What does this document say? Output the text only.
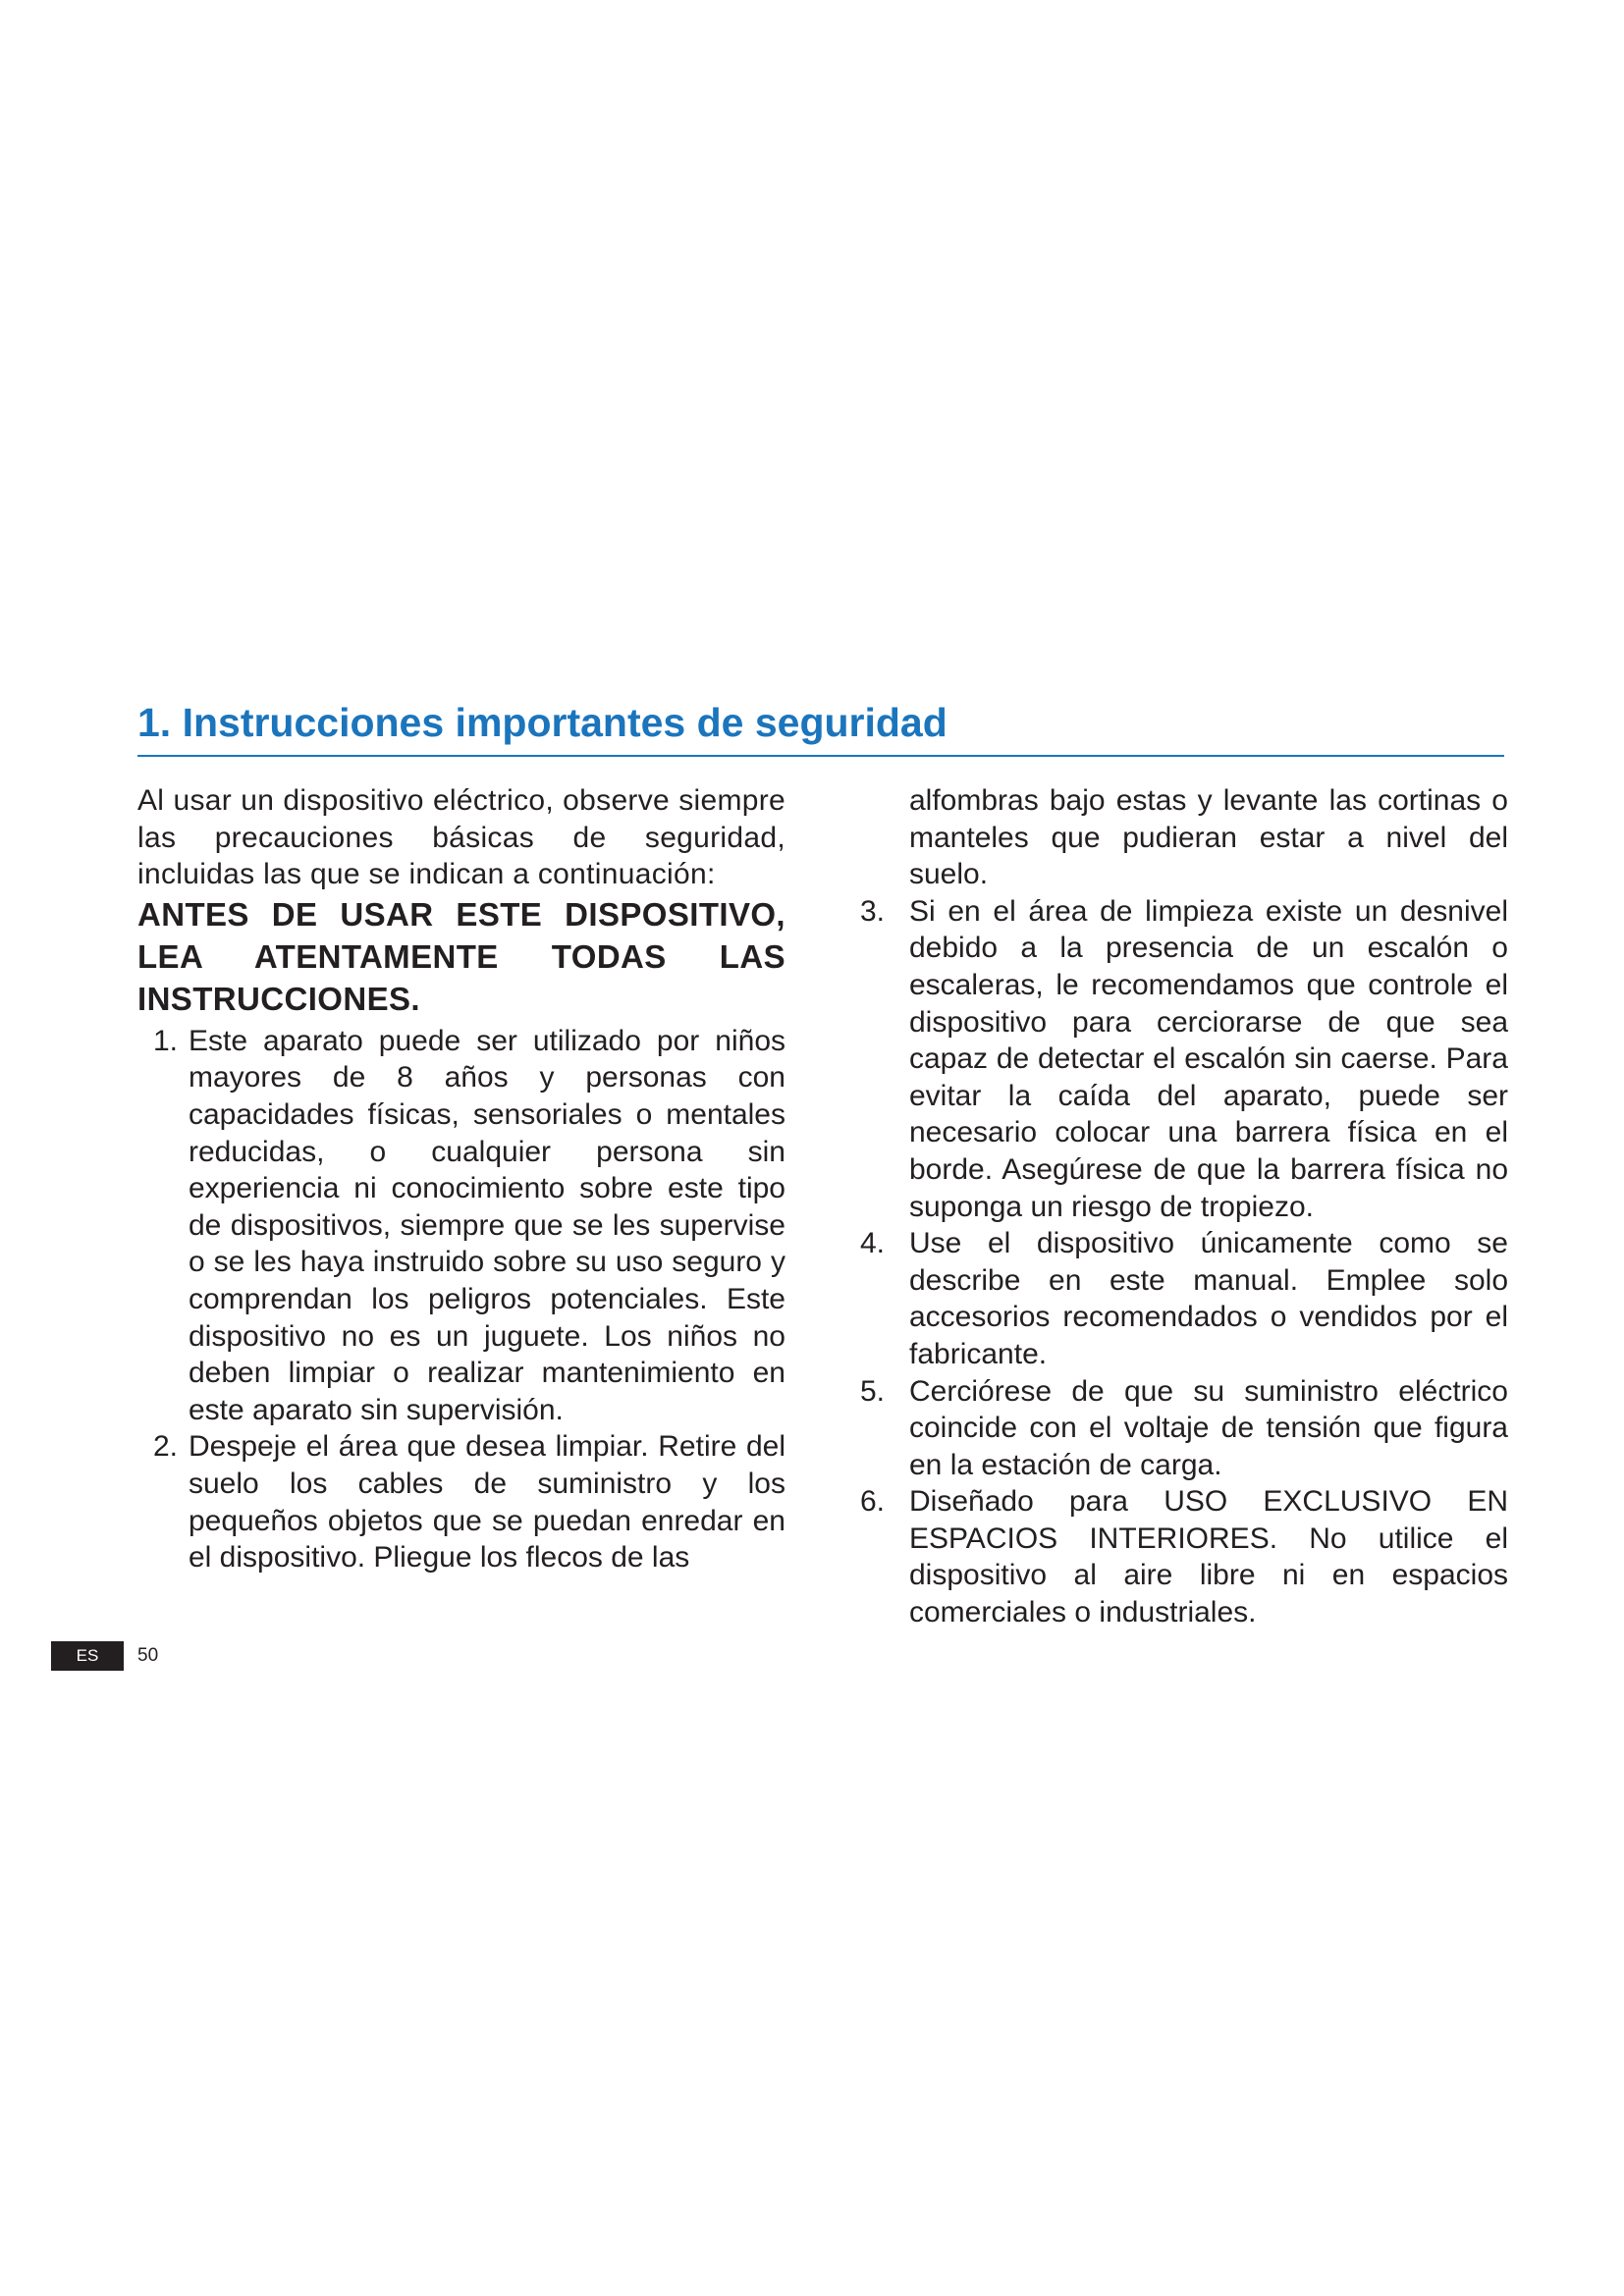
1. Instrucciones importantes de seguridad

Al usar un dispositivo eléctrico, observe siempre las precauciones básicas de seguridad, incluidas las que se indican a continuación:

ANTES DE USAR ESTE DISPOSITIVO, LEA ATENTAMENTE TODAS LAS INSTRUCCIONES.

1. Este aparato puede ser utilizado por niños mayores de 8 años y personas con capacidades físicas, sensoriales o mentales reducidas, o cualquier persona sin experiencia ni conocimiento sobre este tipo de dispositivos, siempre que se les supervise o se les haya instruido sobre su uso seguro y comprendan los peligros potenciales. Este dispositivo no es un juguete. Los niños no deben limpiar o realizar mantenimiento en este aparato sin supervisión.
2. Despeje el área que desea limpiar. Retire del suelo los cables de suministro y los pequeños objetos que se puedan enredar en el dispositivo. Pliegue los flecos de las

alfombras bajo estas y levante las cortinas o manteles que pudieran estar a nivel del suelo.

3. Si en el área de limpieza existe un desnivel debido a la presencia de un escalón o escaleras, le recomendamos que controle el dispositivo para cerciorarse de que sea capaz de detectar el escalón sin caerse. Para evitar la caída del aparato, puede ser necesario colocar una barrera física en el borde. Asegúrese de que la barrera física no suponga un riesgo de tropiezo.
4. Use el dispositivo únicamente como se describe en este manual. Emplee solo accesorios recomendados o vendidos por el fabricante.
5. Cerciórese de que su suministro eléctrico coincide con el voltaje de tensión que figura en la estación de carga.
6. Diseñado para USO EXCLUSIVO EN ESPACIOS INTERIORES. No utilice el dispositivo al aire libre ni en espacios comerciales o industriales.
ES	50
